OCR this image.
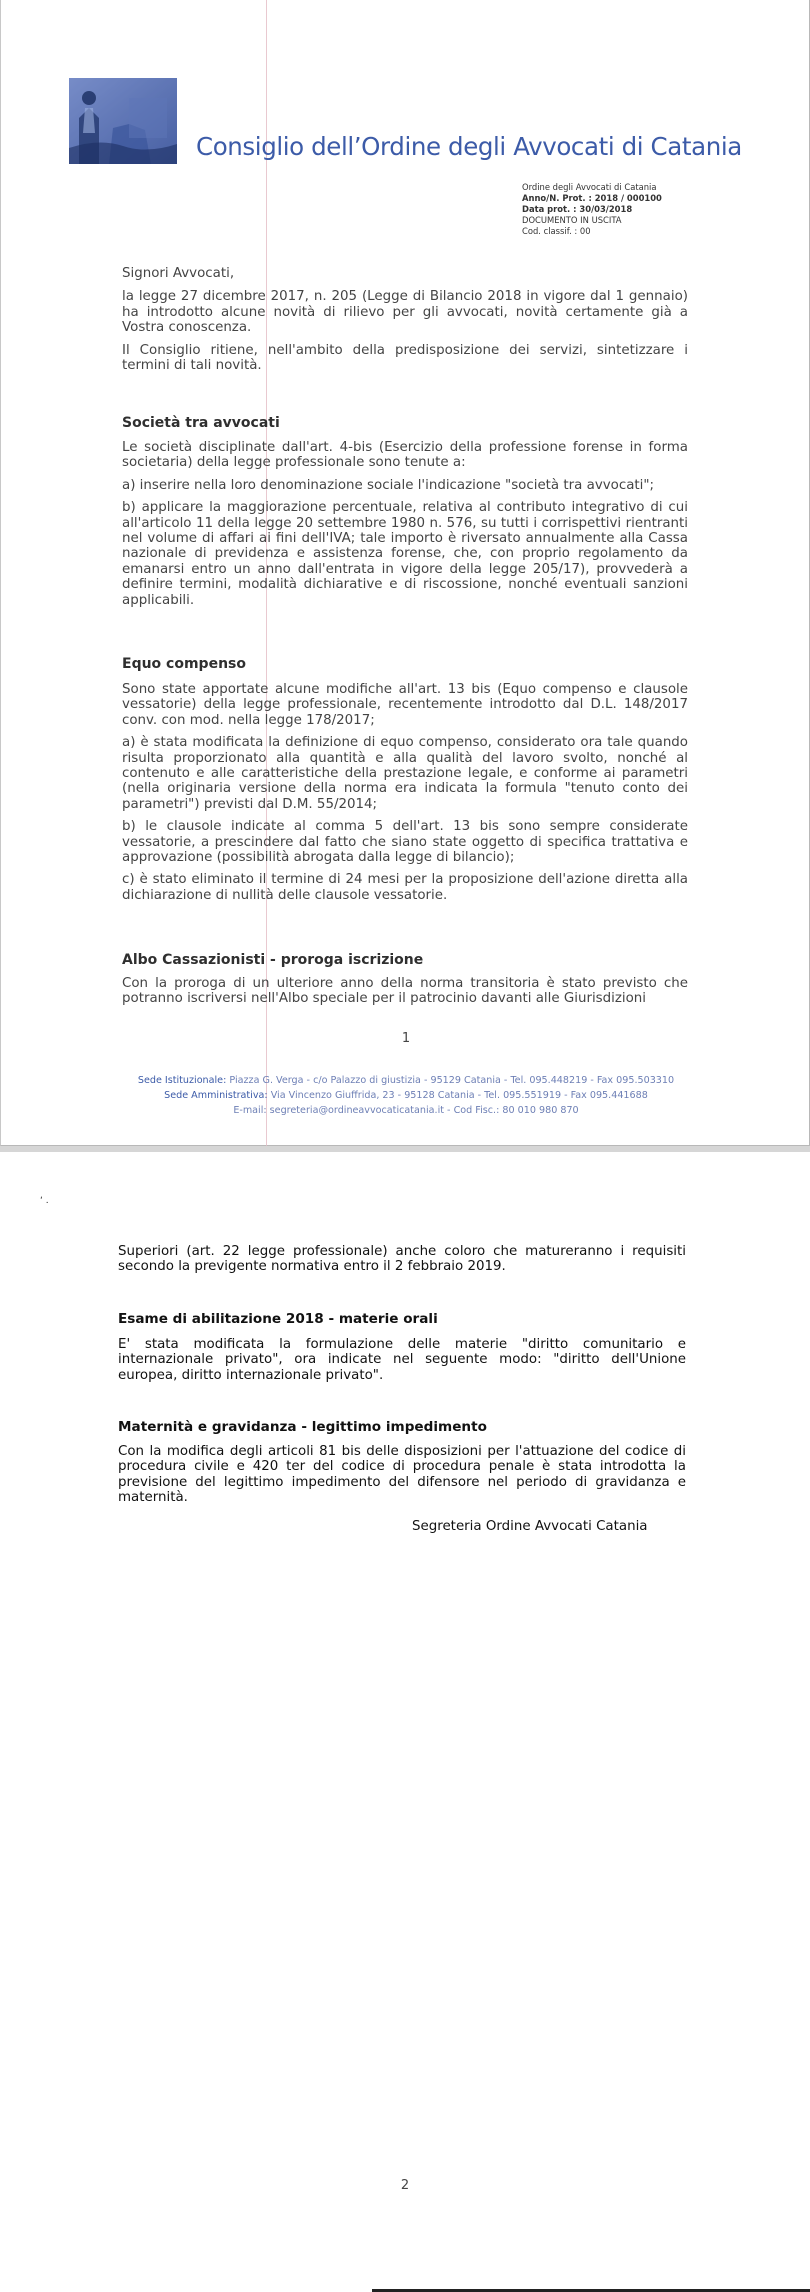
Consiglio dell’Ordine degli Avvocati di Catania
Ordine degli Avvocati di Catania
Anno/N. Prot. : 2018 / 000100
Data prot. : 30/03/2018
DOCUMENTO IN USCITA
Cod. classif. : 00

Signori Avvocati,

la legge 27 dicembre 2017, n. 205 (Legge di Bilancio 2018 in vigore dal 1 gennaio) ha introdotto alcune novità di rilievo per gli avvocati, novità certamente già a Vostra conoscenza.

Il Consiglio ritiene, nell'ambito della predisposizione dei servizi, sintetizzare i termini di tali novità.

Società tra avvocati

Le società disciplinate dall'art. 4-bis (Esercizio della professione forense in forma societaria) della legge professionale sono tenute a:

a) inserire nella loro denominazione sociale l'indicazione "società tra avvocati";

b) applicare la maggiorazione percentuale, relativa al contributo integrativo di cui all'articolo 11 della legge 20 settembre 1980 n. 576, su tutti i corrispettivi rientranti nel volume di affari ai fini dell'IVA; tale importo è riversato annualmente alla Cassa nazionale di previdenza e assistenza forense, che, con proprio regolamento da emanarsi entro un anno dall'entrata in vigore della legge 205/17), provvederà a definire termini, modalità dichiarative e di riscossione, nonché eventuali sanzioni applicabili.

Equo compenso

Sono state apportate alcune modifiche all'art. 13 bis (Equo compenso e clausole vessatorie) della legge professionale, recentemente introdotto dal D.L. 148/2017 conv. con mod. nella legge 178/2017;

a) è stata modificata la definizione di equo compenso, considerato ora tale quando risulta proporzionato alla quantità e alla qualità del lavoro svolto, nonché al contenuto e alle caratteristiche della prestazione legale, e conforme ai parametri (nella originaria versione della norma era indicata la formula "tenuto conto dei parametri") previsti dal D.M. 55/2014;

b) le clausole indicate al comma 5 dell'art. 13 bis sono sempre considerate vessatorie, a prescindere dal fatto che siano state oggetto di specifica trattativa e approvazione (possibilità abrogata dalla legge di bilancio);

c) è stato eliminato il termine di 24 mesi per la proposizione dell'azione diretta alla dichiarazione di nullità delle clausole vessatorie.

Albo Cassazionisti - proroga iscrizione

Con la proroga di un ulteriore anno della norma transitoria è stato previsto che potranno iscriversi nell'Albo speciale per il patrocinio davanti alle Giurisdizioni

1
Sede Istituzionale: Piazza G. Verga - c/o Palazzo di giustizia - 95129 Catania - Tel. 095.448219 - Fax 095.503310
Sede Amministrativa: Via Vincenzo Giuffrida, 23 - 95128 Catania - Tel. 095.551919 - Fax 095.441688
E-mail: segreteria@ordineavvocaticatania.it - Cod Fisc.: 80 010 980 870
‘ .

Superiori (art. 22 legge professionale) anche coloro che matureranno i requisiti secondo la previgente normativa entro il 2 febbraio 2019.

Esame di abilitazione 2018 - materie orali

E' stata modificata la formulazione delle materie "diritto comunitario e internazionale privato", ora indicate nel seguente modo: "diritto dell'Unione europea, diritto internazionale privato".

Maternità e gravidanza - legittimo impedimento

Con la modifica degli articoli 81 bis delle disposizioni per l'attuazione del codice di procedura civile e 420 ter del codice di procedura penale è stata introdotta la previsione del legittimo impedimento del difensore nel periodo di gravidanza e maternità.

Segreteria Ordine Avvocati Catania
2
